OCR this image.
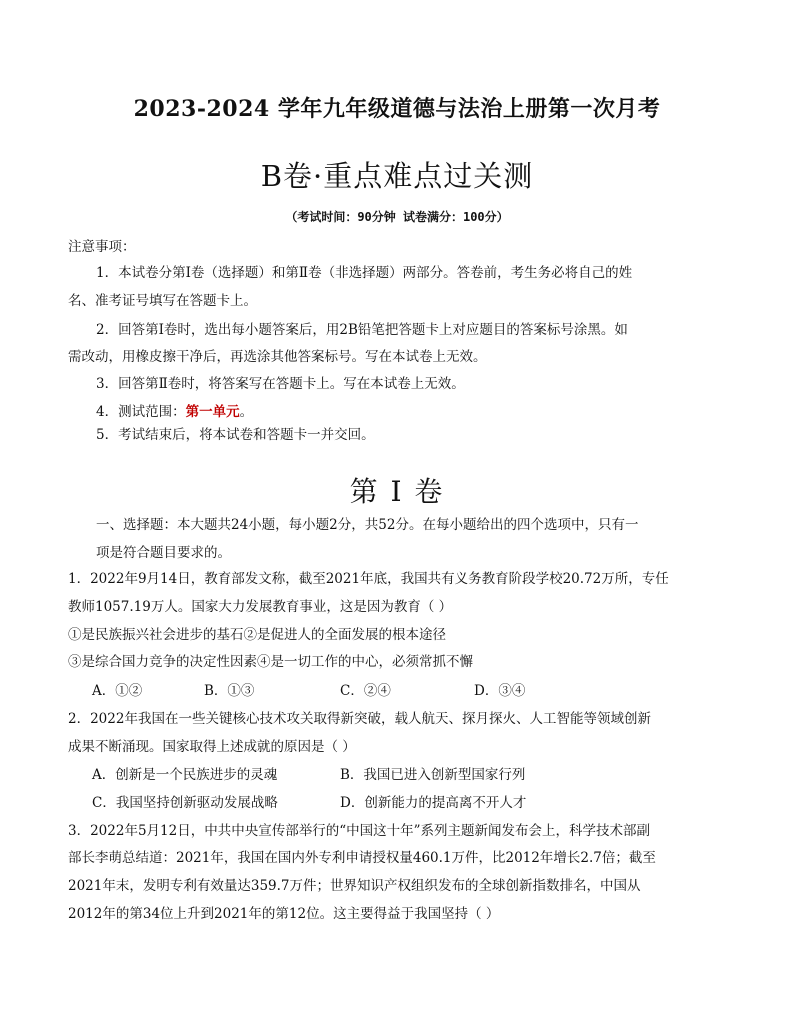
2023-2024 学年九年级道德与法治上册第一次月考
B卷·重点难点过关测
（考试时间：90分钟 试卷满分：100分）
注意事项：
1．本试卷分第Ⅰ卷（选择题）和第Ⅱ卷（非选择题）两部分。答卷前，考生务必将自己的姓
名、准考证号填写在答题卡上。
2．回答第Ⅰ卷时，选出每小题答案后，用2B铅笔把答题卡上对应题目的答案标号涂黑。如
需改动，用橡皮擦干净后，再选涂其他答案标号。写在本试卷上无效。
3．回答第Ⅱ卷时，将答案写在答题卡上。写在本试卷上无效。
4．测试范围：第一单元。
5．考试结束后，将本试卷和答题卡一并交回。
第 I 卷
一、选择题：本大题共24小题，每小题2分，共52分。在每小题给出的四个选项中，只有一
项是符合题目要求的。
1．2022年9月14日，教育部发文称，截至2021年底，我国共有义务教育阶段学校20.72万所，专任
教师1057.19万人。国家大力发展教育事业，这是因为教育（ ）
①是民族振兴社会进步的基石②是促进人的全面发展的根本途径
③是综合国力竞争的决定性因素④是一切工作的中心，必须常抓不懈
A．①②	B．①③	C．②④	D．③④
2．2022年我国在一些关键核心技术攻关取得新突破，载人航天、探月探火、人工智能等领域创新
成果不断涌现。国家取得上述成就的原因是（ ）
A．创新是一个民族进步的灵魂	B．我国已进入创新型国家行列
C．我国坚持创新驱动发展战略	D．创新能力的提高离不开人才
3．2022年5月12日，中共中央宣传部举行的“中国这十年”系列主题新闻发布会上，科学技术部副
部长李萌总结道：2021年，我国在国内外专利申请授权量460.1万件，比2012年增长2.7倍；截至
2021年末，发明专利有效量达359.7万件；世界知识产权组织发布的全球创新指数排名，中国从
2012年的第34位上升到2021年的第12位。这主要得益于我国坚持（ ）
